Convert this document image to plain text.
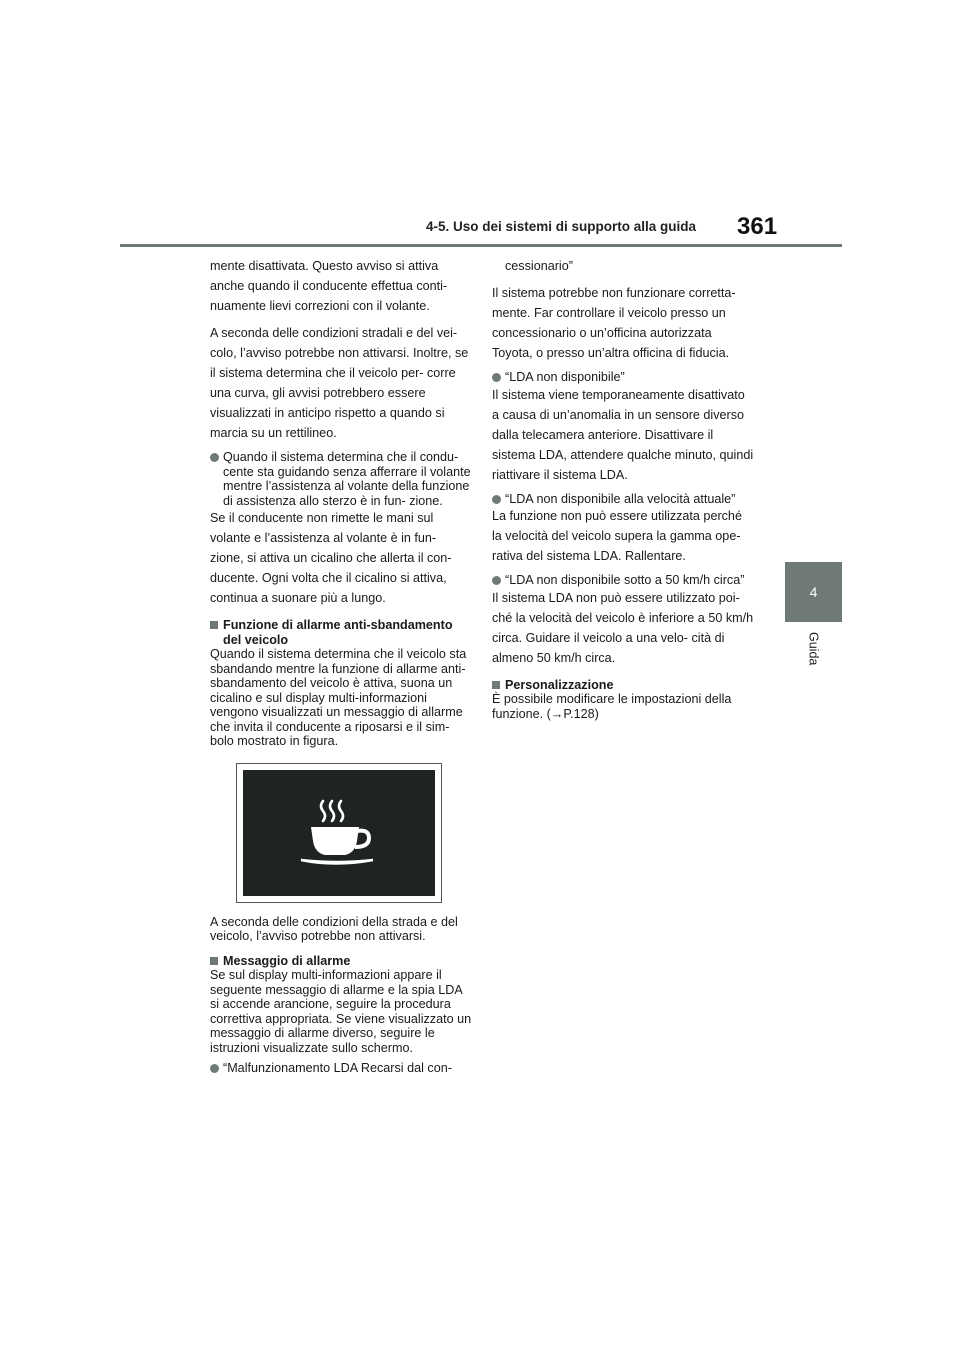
4-5. Uso dei sistemi di supporto alla guida 361
4
Guida

mente disattivata. Questo avviso si attiva anche quando il conducente effettua conti- nuamente lievi correzioni con il volante.

A seconda delle condizioni stradali e del vei- colo, l’avviso potrebbe non attivarsi. Inoltre, se il sistema determina che il veicolo per- corre una curva, gli avvisi potrebbero essere visualizzati in anticipo rispetto a quando si marcia su un rettilineo.

Quando il sistema determina che il condu- cente sta guidando senza afferrare il volante mentre l’assistenza al volante della funzione di assistenza allo sterzo è in fun- zione.

Se il conducente non rimette le mani sul volante e l’assistenza al volante è in fun- zione, si attiva un cicalino che allerta il con- ducente. Ogni volta che il cicalino si attiva, continua a suonare più a lungo.

Funzione di allarme anti-sbandamento del veicolo

Quando il sistema determina che il veicolo sta sbandando mentre la funzione di allarme anti-sbandamento del veicolo è attiva, suona un cicalino e sul display multi-informazioni vengono visualizzati un messaggio di allarme che invita il conducente a riposarsi e il sim- bolo mostrato in figura.

A seconda delle condizioni della strada e del veicolo, l’avviso potrebbe non attivarsi.

Messaggio di allarme

Se sul display multi-informazioni appare il seguente messaggio di allarme e la spia LDA si accende arancione, seguire la procedura correttiva appropriata. Se viene visualizzato un messaggio di allarme diverso, seguire le istruzioni visualizzate sullo schermo.

“Malfunzionamento LDA Recarsi dal con-

cessionario”

Il sistema potrebbe non funzionare corretta- mente. Far controllare il veicolo presso un concessionario o un’officina autorizzata Toyota, o presso un’altra officina di fiducia.

“LDA non disponibile”

Il sistema viene temporaneamente disattivato a causa di un’anomalia in un sensore diverso dalla telecamera anteriore. Disattivare il sistema LDA, attendere qualche minuto, quindi riattivare il sistema LDA.

“LDA non disponibile alla velocità attuale”

La funzione non può essere utilizzata perché la velocità del veicolo supera la gamma ope- rativa del sistema LDA. Rallentare.

“LDA non disponibile sotto a 50 km/h circa”

Il sistema LDA non può essere utilizzato poi- ché la velocità del veicolo è inferiore a 50 km/h circa. Guidare il veicolo a una velo- cità di almeno 50 km/h circa.

Personalizzazione

È possibile modificare le impostazioni della funzione. (→P.128)
